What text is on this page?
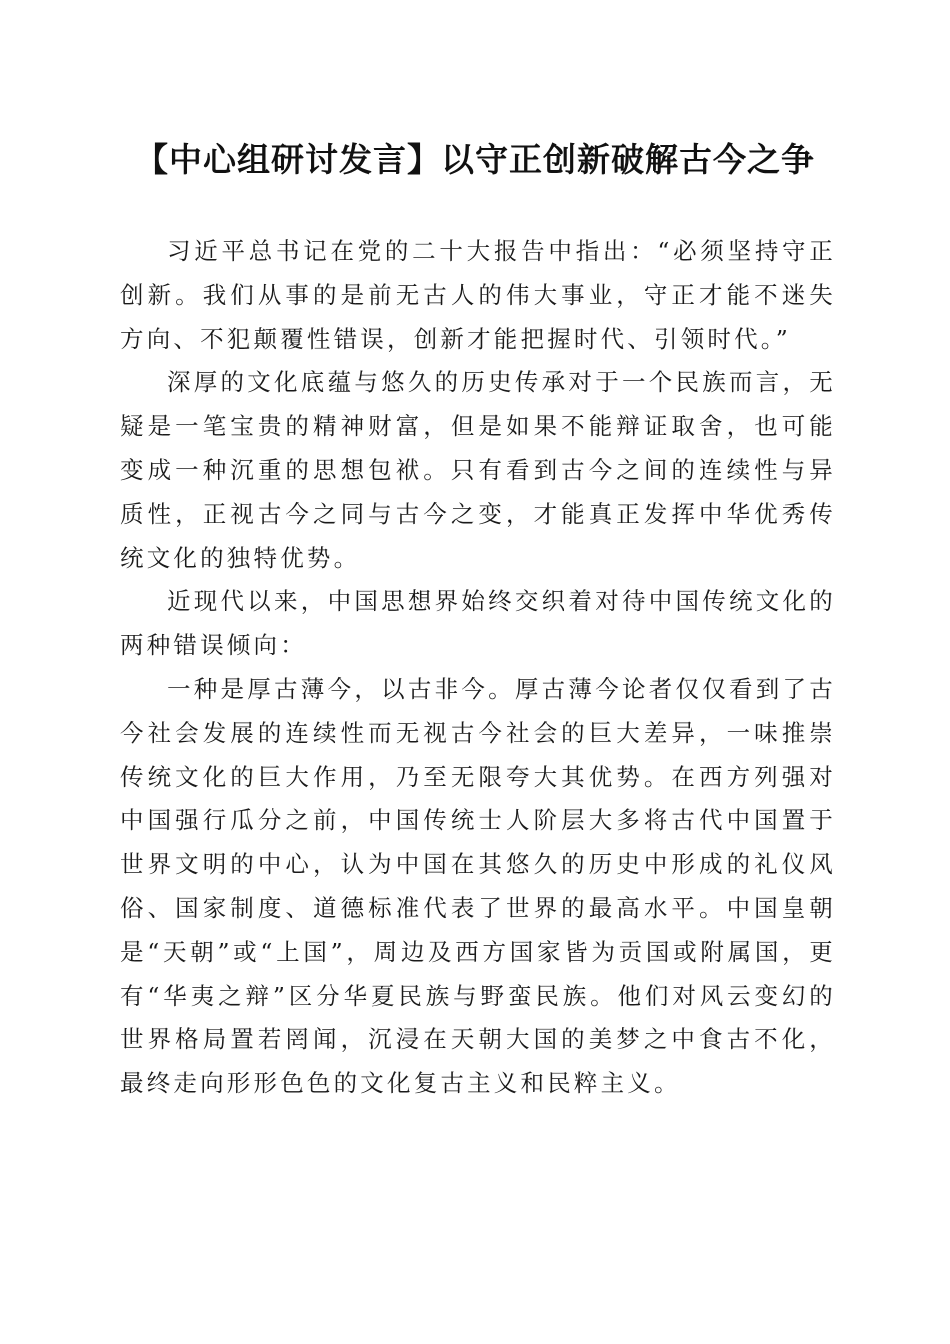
【中心组研讨发言】以守正创新破解古今之争

习近平总书记在党的二十大报告中指出：“必须坚持守正创新。我们从事的是前无古人的伟大事业，守正才能不迷失方向、不犯颠覆性错误，创新才能把握时代、引领时代。”

深厚的文化底蕴与悠久的历史传承对于一个民族而言，无疑是一笔宝贵的精神财富，但是如果不能辩证取舍，也可能变成一种沉重的思想包袱。只有看到古今之间的连续性与异质性，正视古今之同与古今之变，才能真正发挥中华优秀传统文化的独特优势。

近现代以来，中国思想界始终交织着对待中国传统文化的两种错误倾向：

一种是厚古薄今，以古非今。厚古薄今论者仅仅看到了古今社会发展的连续性而无视古今社会的巨大差异，一味推崇传统文化的巨大作用，乃至无限夸大其优势。在西方列强对中国强行瓜分之前，中国传统士人阶层大多将古代中国置于世界文明的中心，认为中国在其悠久的历史中形成的礼仪风俗、国家制度、道德标准代表了世界的最高水平。中国皇朝是“天朝”或“上国”，周边及西方国家皆为贡国或附属国，更有“华夷之辩”区分华夏民族与野蛮民族。他们对风云变幻的世界格局置若罔闻，沉浸在天朝大国的美梦之中食古不化，最终走向形形色色的文化复古主义和民粹主义。
